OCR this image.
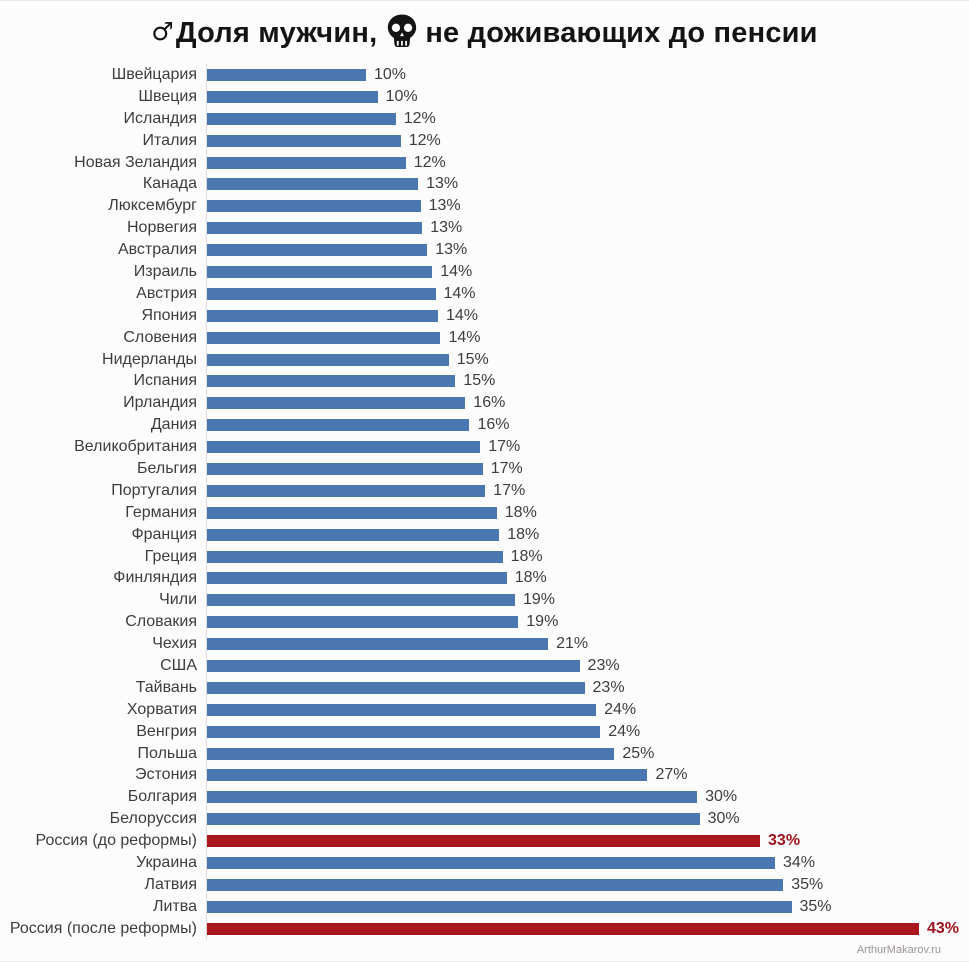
♂Доля мужчин, не доживающих до пенсии
Швейцария	10%
Швеция	10%
Исландия	12%
Италия	12%
Новая Зеландия	12%
Канада	13%
Люксембург	13%
Норвегия	13%
Австралия	13%
Израиль	14%
Австрия	14%
Япония	14%
Словения	14%
Нидерланды	15%
Испания	15%
Ирландия	16%
Дания	16%
Великобритания	17%
Бельгия	17%
Португалия	17%
Германия	18%
Франция	18%
Греция	18%
Финляндия	18%
Чили	19%
Словакия	19%
Чехия	21%
США	23%
Тайвань	23%
Хорватия	24%
Венгрия	24%
Польша	25%
Эстония	27%
Болгария	30%
Белоруссия	30%
Россия (до реформы)	33%
Украина	34%
Латвия	35%
Литва	35%
Россия (после реформы)	43%
ArthurMakarov.ru
